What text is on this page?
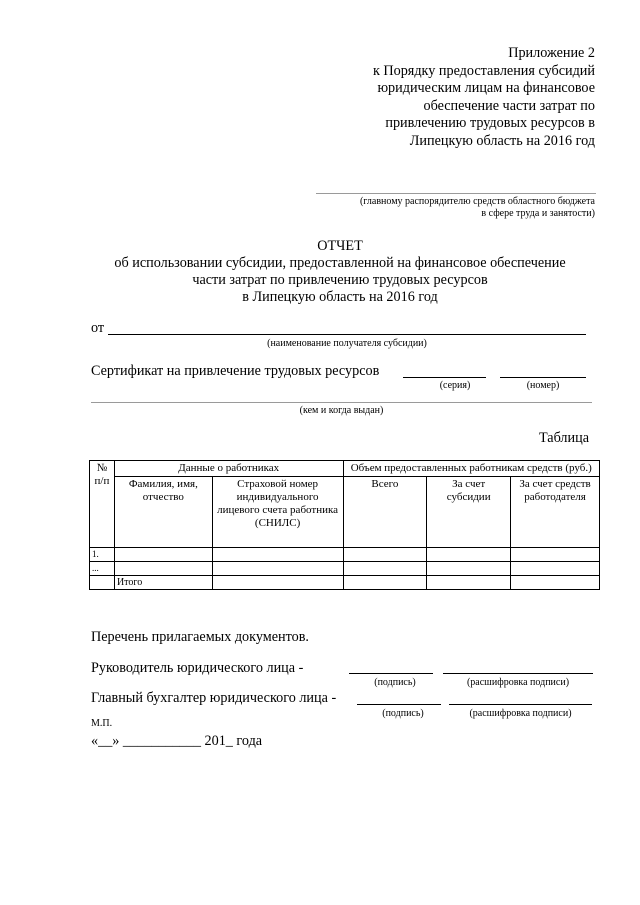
Приложение 2
к Порядку предоставления субсидий
юридическим лицам на финансовое
обеспечение части затрат по
привлечению трудовых ресурсов в
Липецкую область на 2016 год
(главному распорядителю средств областного бюджета
в сфере труда и занятости)
ОТЧЕТ
об использовании субсидии, предоставленной на финансовое обеспечение
части затрат по привлечению трудовых ресурсов
в Липецкую область на 2016 год
от
(наименование получателя субсидии)
Сертификат на привлечение трудовых ресурсов
(серия)	(номер)
(кем и когда выдан)
Таблица
№ п/п	Данные о работниках		Объем предоставленных работникам средств (руб.)		
	Фамилия, имя, отчество	Страховой номер индивидуального лицевого счета работника (СНИЛС)	Всего	За счет субсидии	За счет средств работодателя
1.					
...					
	Итого				
Перечень прилагаемых документов.
Руководитель юридического лица -
(подпись)	(расшифровка подписи)
Главный бухгалтер юридического лица -
(подпись)	(расшифровка подписи)
М.П.
«__» ___________ 201_ года
